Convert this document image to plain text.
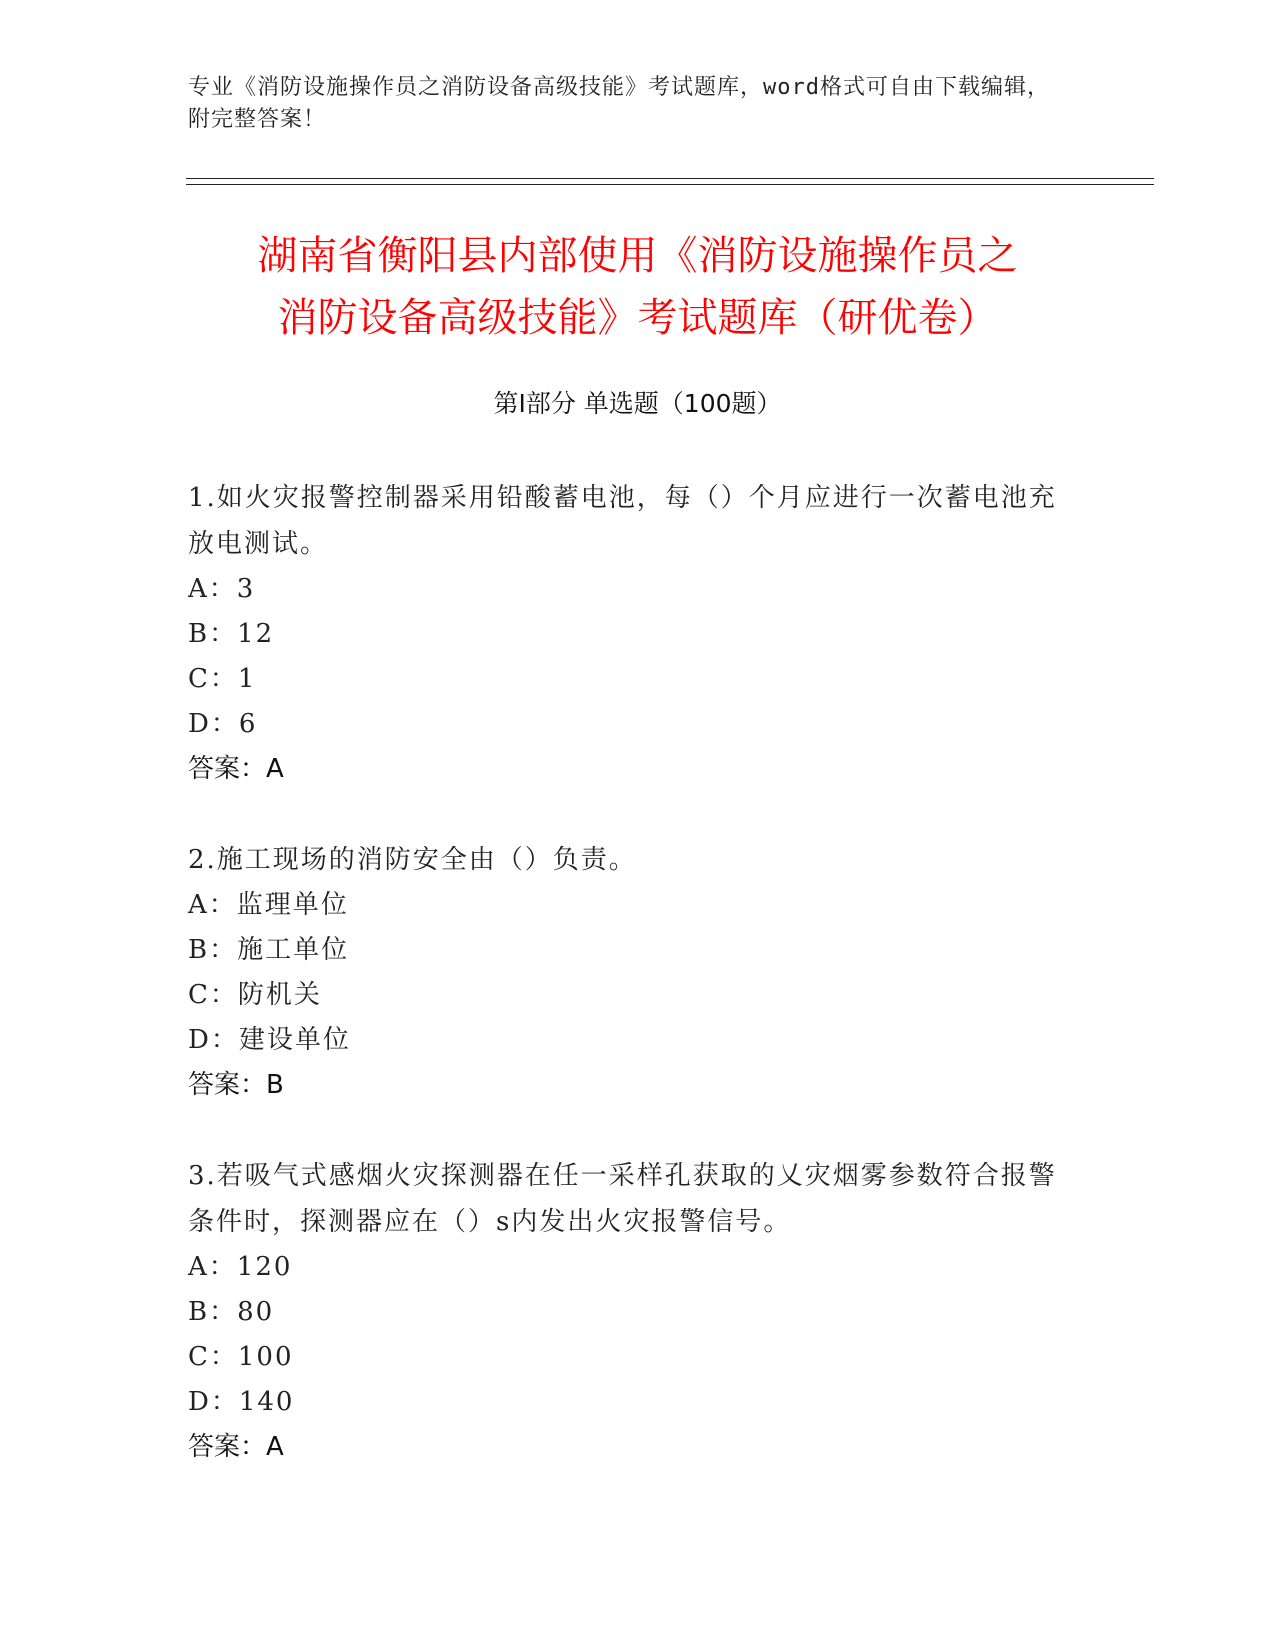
专业《消防设施操作员之消防设备高级技能》考试题库，word格式可自由下载编辑，附完整答案！
湖南省衡阳县内部使用《消防设施操作员之
消防设备高级技能》考试题库（研优卷）
第Ⅰ部分 单选题（100题）
1.如火灾报警控制器采用铅酸蓄电池，每（）个月应进行一次蓄电池充放电测试。
A：3
B：12
C：1
D：6
答案：A
2.施工现场的消防安全由（）负责。
A：监理单位
B：施工单位
C：防机关
D：建设单位
答案：B
3.若吸气式感烟火灾探测器在任一采样孔获取的乂灾烟雾参数符合报警条件时，探测器应在（）s内发出火灾报警信号。
A：120
B：80
C：100
D：140
答案：A
